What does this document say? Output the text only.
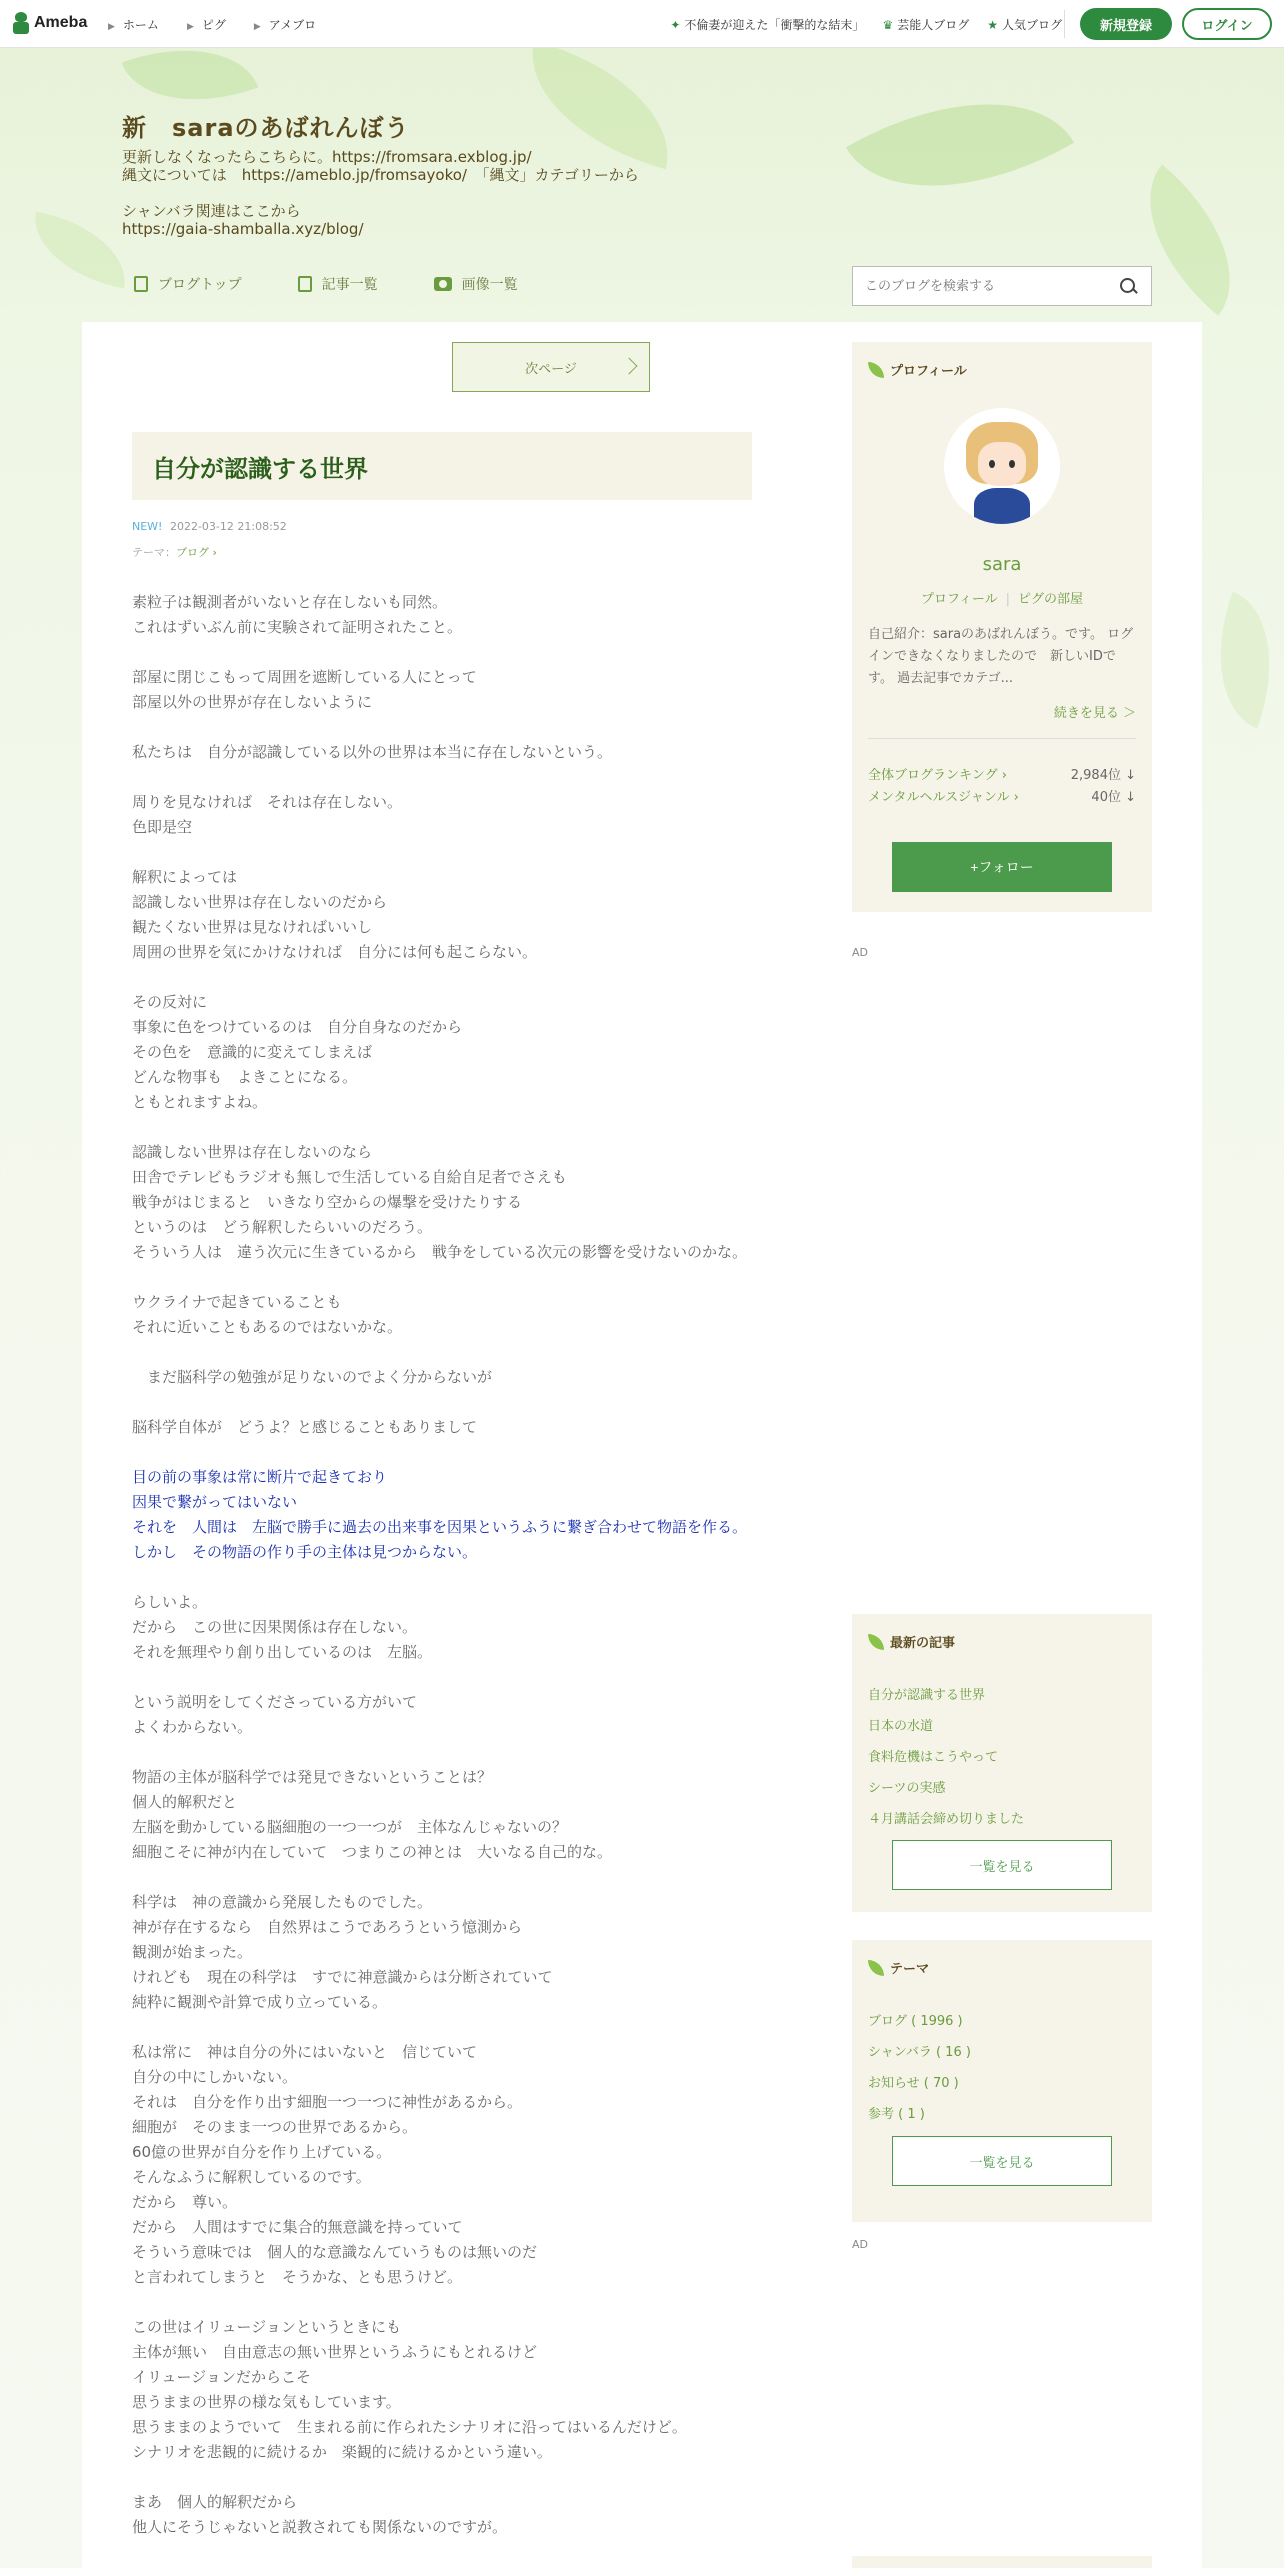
Ameba ▶ ホーム	▶ ピグ	▶ アメブロ	✦ 不倫妻が迎えた「衝撃的な結末」 ♛ 芸能人ブログ ★ 人気ブログ	新規登録	ログイン
新　saraのあばれんぼう
更新しなくなったらこちらに。https://fromsara.exblog.jp/
縄文については　https://ameblo.jp/fromsayoko/　「縄文」カテゴリーから

シャンバラ関連はここから
https://gaia-shamballa.xyz/blog/
ブログトップ	記事一覧	画像一覧
このブログを検索する
次ページ
自分が認識する世界
NEW! 2022-03-12 21:08:52
テーマ：ブログ ›
素粒子は観測者がいないと存在しないも同然。
これはずいぶん前に実験されて証明されたこと。
部屋に閉じこもって周囲を遮断している人にとって
部屋以外の世界が存在しないように
私たちは　自分が認識している以外の世界は本当に存在しないという。
周りを見なければ　それは存在しない。
色即是空
解釈によっては
認識しない世界は存在しないのだから
観たくない世界は見なければいいし
周囲の世界を気にかけなければ　自分には何も起こらない。
その反対に
事象に色をつけているのは　自分自身なのだから
その色を　意識的に変えてしまえば
どんな物事も　よきことになる。
ともとれますよね。
認識しない世界は存在しないのなら
田舎でテレビもラジオも無しで生活している自給自足者でさえも
戦争がはじまると　いきなり空からの爆撃を受けたりする
というのは　どう解釈したらいいのだろう。
そういう人は　違う次元に生きているから　戦争をしている次元の影響を受けないのかな。
ウクライナで起きていることも
それに近いこともあるのではないかな。
　まだ脳科学の勉強が足りないのでよく分からないが
脳科学自体が　どうよ？と感じることもありまして
目の前の事象は常に断片で起きており
因果で繋がってはいない
それを　人間は　左脳で勝手に過去の出来事を因果というふうに繋ぎ合わせて物語を作る。
しかし　その物語の作り手の主体は見つからない。
らしいよ。
だから　この世に因果関係は存在しない。
それを無理やり創り出しているのは　左脳。
という説明をしてくださっている方がいて
よくわからない。
物語の主体が脳科学では発見できないということは？
個人的解釈だと
左脳を動かしている脳細胞の一つ一つが　主体なんじゃないの？
細胞こそに神が内在していて　つまりこの神とは　大いなる自己的な。
科学は　神の意識から発展したものでした。
神が存在するなら　自然界はこうであろうという憶測から
観測が始まった。
けれども　現在の科学は　すでに神意識からは分断されていて
純粋に観測や計算で成り立っている。
私は常に　神は自分の外にはいないと　信じていて
自分の中にしかいない。
それは　自分を作り出す細胞一つ一つに神性があるから。
細胞が　そのまま一つの世界であるから。
60億の世界が自分を作り上げている。
そんなふうに解釈しているのです。
だから　尊い。
だから　人間はすでに集合的無意識を持っていて
そういう意味では　個人的な意識なんていうものは無いのだ
と言われてしまうと　そうかな、とも思うけど。
この世はイリュージョンというときにも
主体が無い　自由意志の無い世界というふうにもとれるけど
イリュージョンだからこそ
思うままの世界の様な気もしています。
思うままのようでいて　生まれる前に作られたシナリオに沿ってはいるんだけど。
シナリオを悲観的に続けるか　楽観的に続けるかという違い。
まあ　個人的解釈だから
他人にそうじゃないと説教されても関係ないのですが。
プロフィール
sara
プロフィール | ピグの部屋
自己紹介：saraのあばれんぼう。です。 ログインできなくなりましたので　新しいIDです。 過去記事でカテゴ...
続きを見る ＞
全体ブログランキング ›	2,984位 ↓
メンタルヘルスジャンル ›	40位 ↓
+フォロー
AD
最新の記事
自分が認識する世界
日本の水道
食料危機はこうやって
シーツの実感
４月講話会締め切りました
一覧を見る
テーマ
ブログ ( 1996 )
シャンバラ ( 16 )
お知らせ ( 70 )
参考 ( 1 )
一覧を見る
AD
